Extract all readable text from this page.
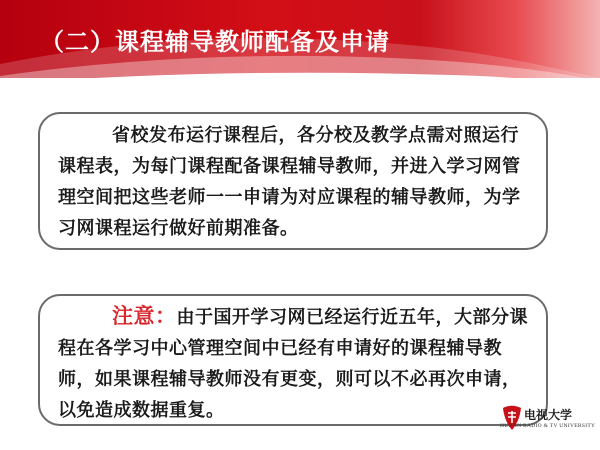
（二）课程辅导教师配备及申请
省校发布运行课程后，各分校及教学点需对照运行课程表，为每门课程配备课程辅导教师，并进入学习网管理空间把这些老师一一申请为对应课程的辅导教师，为学习网课程运行做好前期准备。
注意：由于国开学习网已经运行近五年，大部分课程在各学习中心管理空间中已经有申请好的课程辅导教师，如果课程辅导教师没有更变，则可以不必再次申请，以免造成数据重复。	电视大学
HUNAN RADIO & TV UNIVERSITY
